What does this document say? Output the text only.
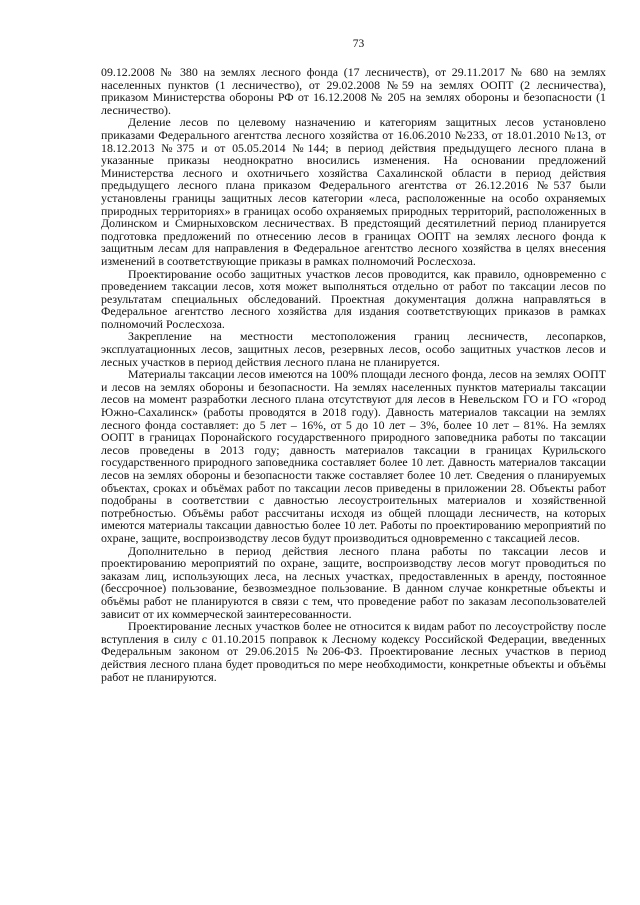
73

09.12.2008 № 380 на землях лесного фонда (17 лесничеств), от 29.11.2017 № 680 на землях населенных пунктов (1 лесничество), от 29.02.2008 №59 на землях ООПТ (2 лесничества), приказом Министерства обороны РФ от 16.12.2008 № 205 на землях обороны и безопасности (1 лесничество).

Деление лесов по целевому назначению и категориям защитных лесов установлено приказами Федерального агентства лесного хозяйства от 16.06.2010 №233, от 18.01.2010 №13, от 18.12.2013 №375 и от 05.05.2014 №144; в период действия предыдущего лесного плана в указанные приказы неоднократно вносились изменения. На основании предложений Министерства лесного и охотничьего хозяйства Сахалинской области в период действия предыдущего лесного плана приказом Федерального агентства от 26.12.2016 №537 были установлены границы защитных лесов категории «леса, расположенные на особо охраняемых природных территориях» в границах особо охраняемых природных территорий, расположенных в Долинском и Смирныховском лесничествах. В предстоящий десятилетний период планируется подготовка предложений по отнесению лесов в границах ООПТ на землях лесного фонда к защитным лесам для направления в Федеральное агентство лесного хозяйства в целях внесения изменений в соответствующие приказы в рамках полномочий Рослесхоза.

Проектирование особо защитных участков лесов проводится, как правило, одновременно с проведением таксации лесов, хотя может выполняться отдельно от работ по таксации лесов по результатам специальных обследований. Проектная документация должна направляться в Федеральное агентство лесного хозяйства для издания соответствующих приказов в рамках полномочий Рослесхоза.

Закрепление на местности местоположения границ лесничеств, лесопарков, эксплуатационных лесов, защитных лесов, резервных лесов, особо защитных участков лесов и лесных участков в период действия лесного плана не планируется.

Материалы таксации лесов имеются на 100% площади лесного фонда, лесов на землях ООПТ и лесов на землях обороны и безопасности. На землях населенных пунктов материалы таксации лесов на момент разработки лесного плана отсутствуют для лесов в Невельском ГО и ГО «город Южно-Сахалинск» (работы проводятся в 2018 году). Давность материалов таксации на землях лесного фонда составляет: до 5 лет – 16%, от 5 до 10 лет – 3%, более 10 лет – 81%. На землях ООПТ в границах Поронайского государственного природного заповедника работы по таксации лесов проведены в 2013 году; давность материалов таксации в границах Курильского государственного природного заповедника составляет более 10 лет. Давность материалов таксации лесов на землях обороны и безопасности также составляет более 10 лет. Сведения о планируемых объектах, сроках и объёмах работ по таксации лесов приведены в приложении 28. Объекты работ подобраны в соответствии с давностью лесоустроительных материалов и хозяйственной потребностью. Объёмы работ рассчитаны исходя из общей площади лесничеств, на которых имеются материалы таксации давностью более 10 лет. Работы по проектированию мероприятий по охране, защите, воспроизводству лесов будут производиться одновременно с таксацией лесов.

Дополнительно в период действия лесного плана работы по таксации лесов и проектированию мероприятий по охране, защите, воспроизводству лесов могут проводиться по заказам лиц, использующих леса, на лесных участках, предоставленных в аренду, постоянное (бессрочное) пользование, безвозмездное пользование. В данном случае конкретные объекты и объёмы работ не планируются в связи с тем, что проведение работ по заказам лесопользователей зависит от их коммерческой заинтересованности.

Проектирование лесных участков более не относится к видам работ по лесоустройству после вступления в силу с 01.10.2015 поправок к Лесному кодексу Российской Федерации, введенных Федеральным законом от 29.06.2015 №206-ФЗ. Проектирование лесных участков в период действия лесного плана будет проводиться по мере необходимости, конкретные объекты и объёмы работ не планируются.
